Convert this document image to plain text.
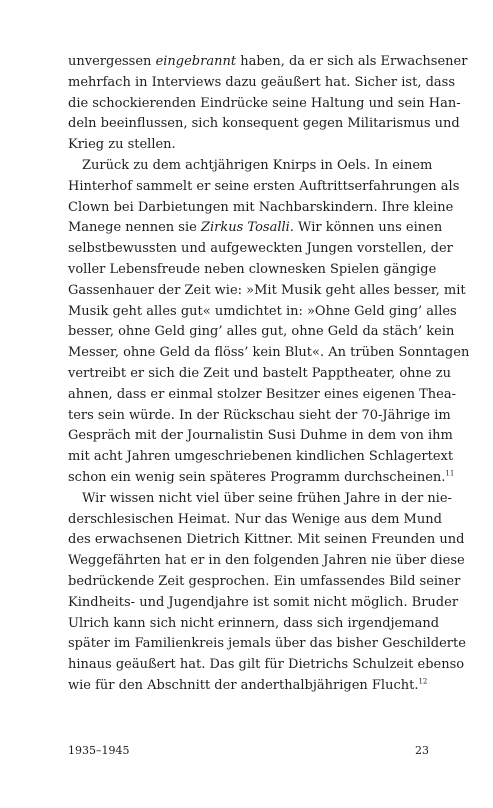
unvergessen eingebrannt haben, da er sich als Erwachsener
mehrfach in Interviews dazu geäußert hat. Sicher ist, dass
die schockierenden Eindrücke seine Haltung und sein Han-
deln beeinflussen, sich konsequent gegen Militarismus und
Krieg zu stellen.
Zurück zu dem achtjährigen Knirps in Oels. In einem
Hinterhof sammelt er seine ersten Auftrittserfahrungen als
Clown bei Darbietungen mit Nachbarskindern. Ihre kleine
Manege nennen sie Zirkus Tosalli. Wir können uns einen
selbstbewussten und aufgeweckten Jungen vorstellen, der
voller Lebensfreude neben clownesken Spielen gängige
Gassenhauer der Zeit wie: »Mit Musik geht alles besser, mit
Musik geht alles gut« umdichtet in: »Ohne Geld ging’ alles
besser, ohne Geld ging’ alles gut, ohne Geld da stäch’ kein
Messer, ohne Geld da flöss’ kein Blut«. An trüben Sonntagen
vertreibt er sich die Zeit und bastelt Papptheater, ohne zu
ahnen, dass er einmal stolzer Besitzer eines eigenen Thea-
ters sein würde. In der Rückschau sieht der 70-Jährige im
Gespräch mit der Journalistin Susi Duhme in dem von ihm
mit acht Jahren umgeschriebenen kindlichen Schlagertext
schon ein wenig sein späteres Programm durchscheinen.$^{11}$
Wir wissen nicht viel über seine frühen Jahre in der nie-
derschlesischen Heimat. Nur das Wenige aus dem Mund
des erwachsenen Dietrich Kittner. Mit seinen Freunden und
Weggefährten hat er in den folgenden Jahren nie über diese
bedrückende Zeit gesprochen. Ein umfassendes Bild seiner
Kindheits- und Jugendjahre ist somit nicht möglich. Bruder
Ulrich kann sich nicht erinnern, dass sich irgendjemand
später im Familienkreis jemals über das bisher Geschilderte
hinaus geäußert hat. Das gilt für Dietrichs Schulzeit ebenso
wie für den Abschnitt der anderthalbjährigen Flucht.$^{12}$
1935–1945	23
